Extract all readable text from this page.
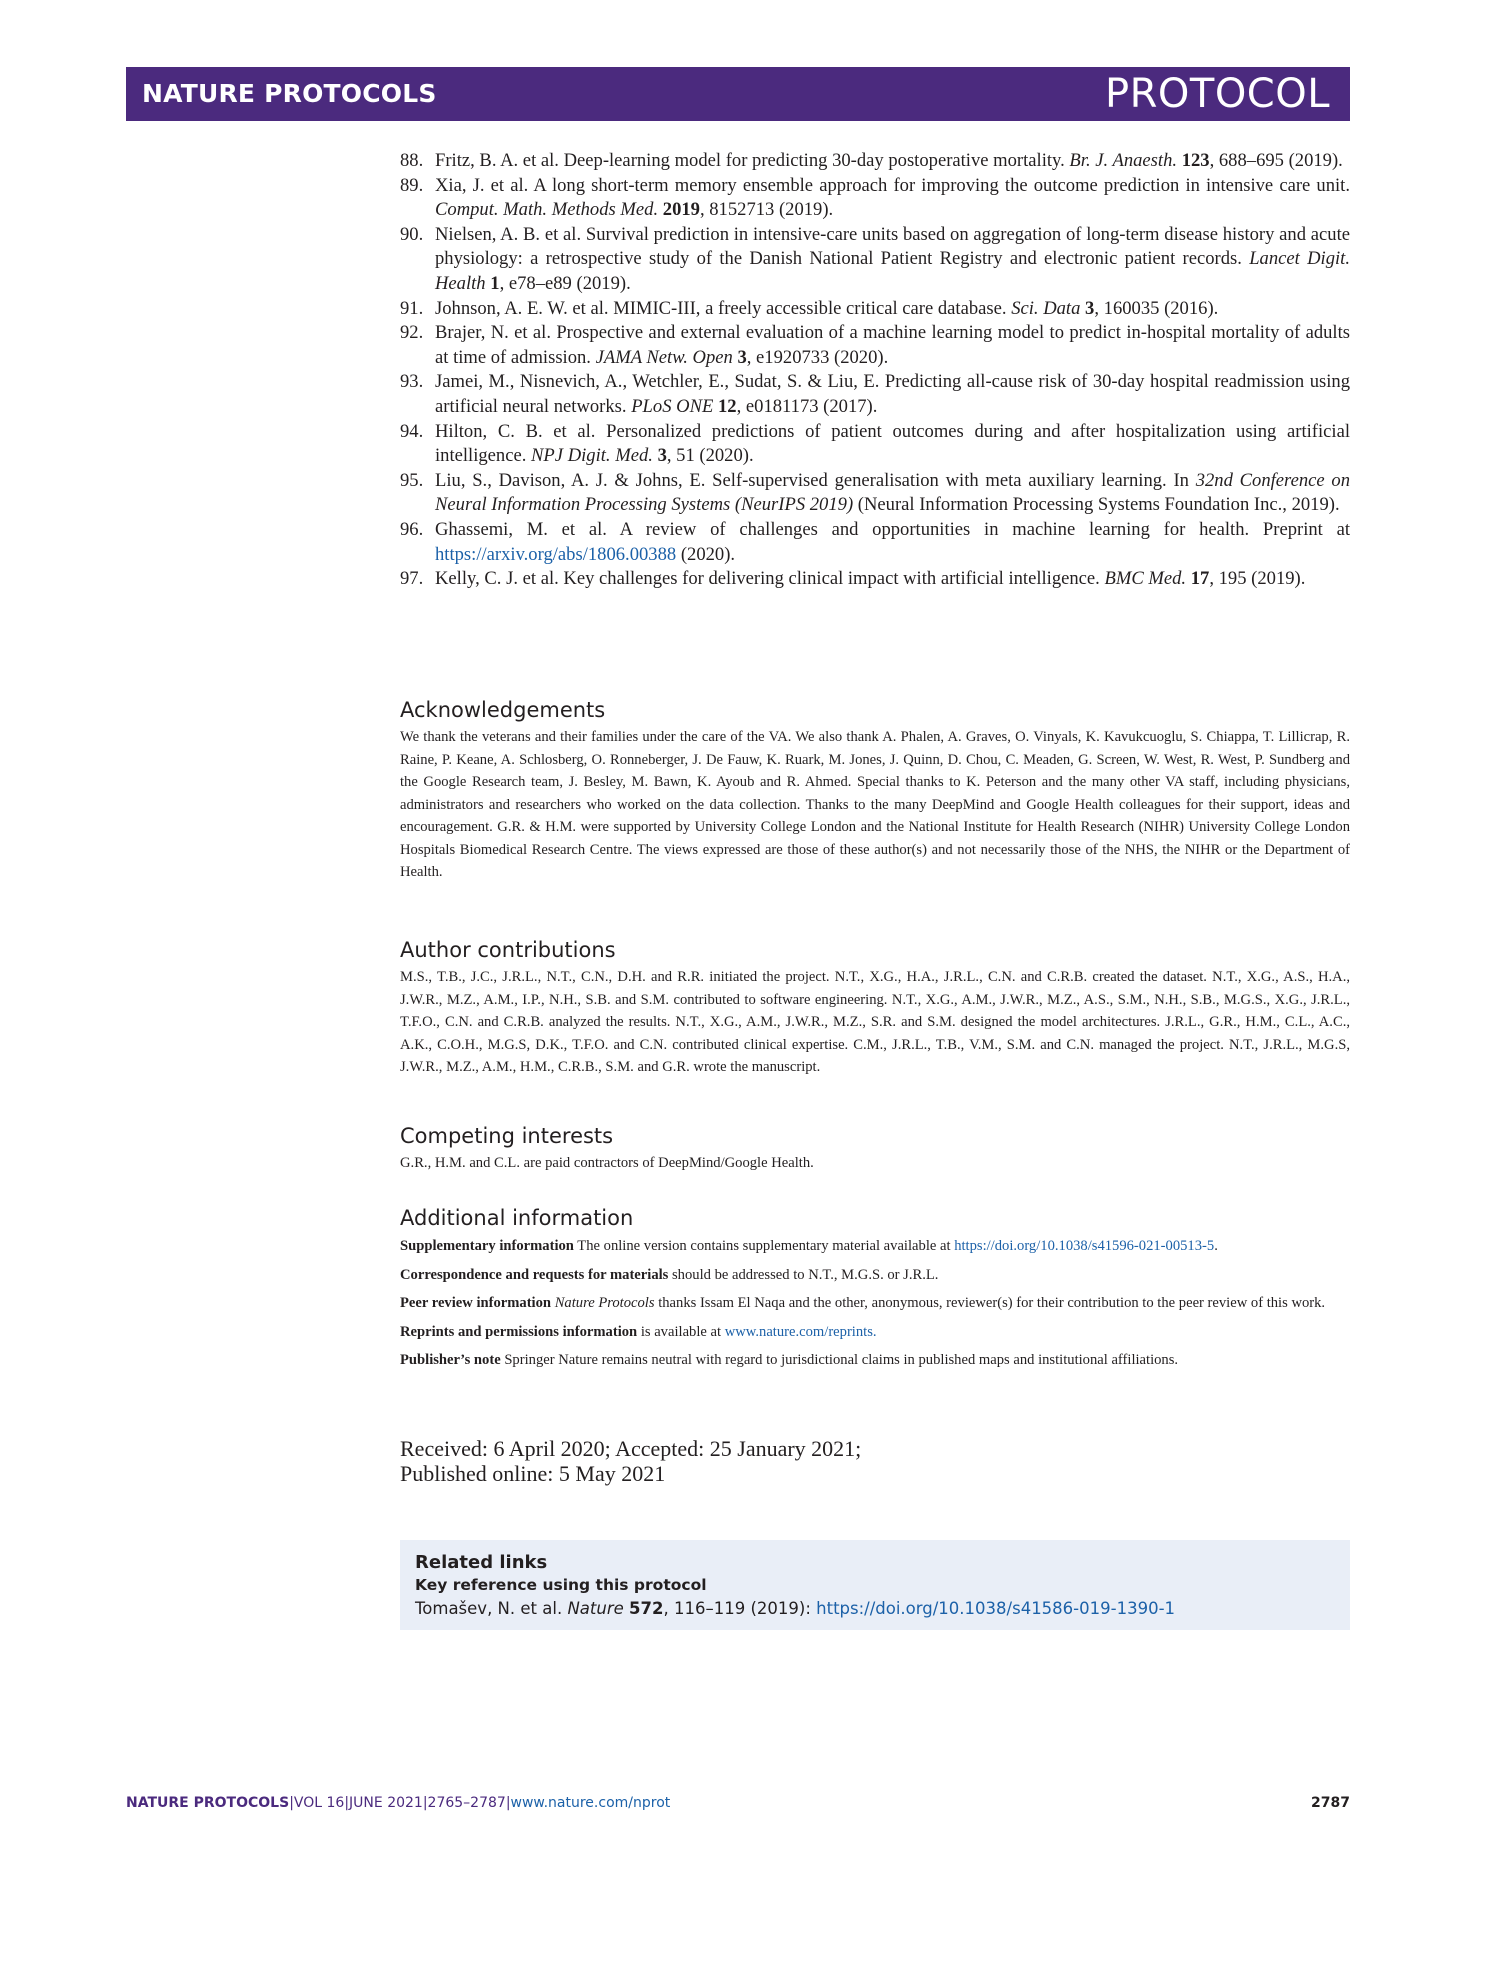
NATURE PROTOCOLS	PROTOCOL
88. Fritz, B. A. et al. Deep-learning model for predicting 30-day postoperative mortality. Br. J. Anaesth. 123, 688–695 (2019).
89. Xia, J. et al. A long short-term memory ensemble approach for improving the outcome prediction in intensive care unit. Comput. Math. Methods Med. 2019, 8152713 (2019).
90. Nielsen, A. B. et al. Survival prediction in intensive-care units based on aggregation of long-term disease history and acute physiology: a retrospective study of the Danish National Patient Registry and electronic patient records. Lancet Digit. Health 1, e78–e89 (2019).
91. Johnson, A. E. W. et al. MIMIC-III, a freely accessible critical care database. Sci. Data 3, 160035 (2016).
92. Brajer, N. et al. Prospective and external evaluation of a machine learning model to predict in-hospital mortality of adults at time of admission. JAMA Netw. Open 3, e1920733 (2020).
93. Jamei, M., Nisnevich, A., Wetchler, E., Sudat, S. & Liu, E. Predicting all-cause risk of 30-day hospital readmission using artificial neural networks. PLoS ONE 12, e0181173 (2017).
94. Hilton, C. B. et al. Personalized predictions of patient outcomes during and after hospitalization using artificial intelligence. NPJ Digit. Med. 3, 51 (2020).
95. Liu, S., Davison, A. J. & Johns, E. Self-supervised generalisation with meta auxiliary learning. In 32nd Conference on Neural Information Processing Systems (NeurIPS 2019) (Neural Information Processing Systems Foundation Inc., 2019).
96. Ghassemi, M. et al. A review of challenges and opportunities in machine learning for health. Preprint at https://arxiv.org/abs/1806.00388 (2020).
97. Kelly, C. J. et al. Key challenges for delivering clinical impact with artificial intelligence. BMC Med. 17, 195 (2019).
Acknowledgements
We thank the veterans and their families under the care of the VA. We also thank A. Phalen, A. Graves, O. Vinyals, K. Kavukcuoglu, S. Chiappa, T. Lillicrap, R. Raine, P. Keane, A. Schlosberg, O. Ronneberger, J. De Fauw, K. Ruark, M. Jones, J. Quinn, D. Chou, C. Meaden, G. Screen, W. West, R. West, P. Sundberg and the Google Research team, J. Besley, M. Bawn, K. Ayoub and R. Ahmed. Special thanks to K. Peterson and the many other VA staff, including physicians, administrators and researchers who worked on the data collection. Thanks to the many DeepMind and Google Health colleagues for their support, ideas and encouragement. G.R. & H.M. were supported by University College London and the National Institute for Health Research (NIHR) University College London Hospitals Biomedical Research Centre. The views expressed are those of these author(s) and not necessarily those of the NHS, the NIHR or the Department of Health.
Author contributions
M.S., T.B., J.C., J.R.L., N.T., C.N., D.H. and R.R. initiated the project. N.T., X.G., H.A., J.R.L., C.N. and C.R.B. created the dataset. N.T., X.G., A.S., H.A., J.W.R., M.Z., A.M., I.P., N.H., S.B. and S.M. contributed to software engineering. N.T., X.G., A.M., J.W.R., M.Z., A.S., S.M., N.H., S.B., M.G.S., X.G., J.R.L., T.F.O., C.N. and C.R.B. analyzed the results. N.T., X.G., A.M., J.W.R., M.Z., S.R. and S.M. designed the model architectures. J.R.L., G.R., H.M., C.L., A.C., A.K., C.O.H., M.G.S, D.K., T.F.O. and C.N. contributed clinical expertise. C.M., J.R.L., T.B., V.M., S.M. and C.N. managed the project. N.T., J.R.L., M.G.S, J.W.R., M.Z., A.M., H.M., C.R.B., S.M. and G.R. wrote the manuscript.
Competing interests
G.R., H.M. and C.L. are paid contractors of DeepMind/Google Health.
Additional information

Supplementary information The online version contains supplementary material available at https://doi.org/10.1038/s41596-021-00513-5.

Correspondence and requests for materials should be addressed to N.T., M.G.S. or J.R.L.

Peer review information Nature Protocols thanks Issam El Naqa and the other, anonymous, reviewer(s) for their contribution to the peer review of this work.

Reprints and permissions information is available at www.nature.com/reprints.

Publisher’s note Springer Nature remains neutral with regard to jurisdictional claims in published maps and institutional affiliations.

Received: 6 April 2020; Accepted: 25 January 2021;
Published online: 5 May 2021
Related links
Key reference using this protocol
Tomašev, N. et al. Nature 572, 116–119 (2019): https://doi.org/10.1038/s41586-019-1390-1
NATURE PROTOCOLS|VOL 16|JUNE 2021|2765–2787|www.nature.com/nprot	2787
